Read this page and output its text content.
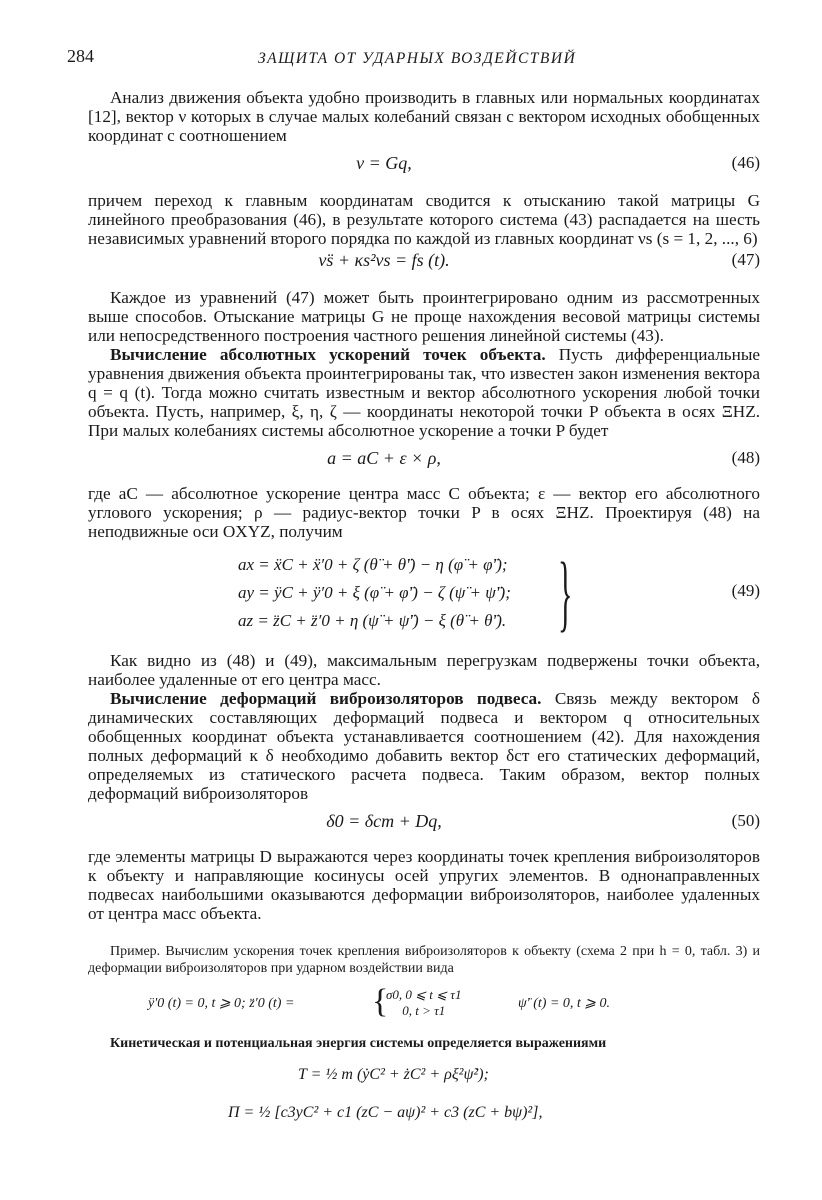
284	ЗАЩИТА ОТ УДАРНЫХ ВОЗДЕЙСТВИЙ

Анализ движения объекта удобно производить в главных или нормальных координатах [12], вектор ν которых в случае малых колебаний связан с вектором исходных обобщенных координат с соотношением

ν = Gq,	(46)

причем переход к главным координатам сводится к отысканию такой матрицы G линейного преобразования (46), в результате которого система (43) распадается на шесть независимых уравнений второго порядка по каждой из главных координат νs (s = 1, 2, ..., 6)

ν̈s + κs²νs = fs (t).	(47)

Каждое из уравнений (47) может быть проинтегрировано одним из рассмотренных выше способов. Отыскание матрицы G не проще нахождения весовой матрицы системы или непосредственного построения частного решения линейной системы (43).

Вычисление абсолютных ускорений точек объекта. Пусть дифференциальные уравнения движения объекта проинтегрированы так, что известен закон изменения вектора q = q (t). Тогда можно считать известным и вектор абсолютного ускорения любой точки объекта. Пусть, например, ξ, η, ζ — координаты некоторой точки P объекта в осях ΞHZ. При малых колебаниях системы абсолютное ускорение a точки P будет

a = aC + ε × ρ,	(48)

где aC — абсолютное ускорение центра масс C объекта; ε — вектор его абсолютного углового ускорения; ρ — радиус-вектор точки P в осях ΞHZ. Проектируя (48) на неподвижные оси OXYZ, получим

ax = ẍC + ẍ′0 + ζ (θ̈ + θ̈′) − η (φ̈ + φ̈′);
ay = ÿC + ÿ′0 + ξ (φ̈ + φ̈′) − ζ (ψ̈ + ψ̈′);
az = z̈C + z̈′0 + η (ψ̈ + ψ̈′) − ξ (θ̈ + θ̈′). }	(49)

Как видно из (48) и (49), максимальным перегрузкам подвержены точки объекта, наиболее удаленные от его центра масс.

Вычисление деформаций виброизоляторов подвеса. Связь между вектором δ динамических составляющих деформаций подвеса и вектором q относительных обобщенных координат объекта устанавливается соотношением (42). Для нахождения полных деформаций к δ необходимо добавить вектор δст его статических деформаций, определяемых из статического расчета подвеса. Таким образом, вектор полных деформаций виброизоляторов

δ0 = δст + Dq,	(50)

где элементы матрицы D выражаются через координаты точек крепления виброизоляторов к объекту и направляющие косинусы осей упругих элементов. В однонаправленных подвесах наибольшими оказываются деформации виброизоляторов, наиболее удаленных от центра масс объекта.

Пример. Вычислим ускорения точек крепления виброизоляторов к объекту (схема 2 при h = 0, табл. 3) и деформации виброизоляторов при ударном воздействии вида

ÿ′0 (t) = 0, t ⩾ 0; z̈′0 (t) = {
σ0, 0 ⩽ t ⩽ τ1
0, t > τ1	ψ̈′ (t) = 0, t ⩾ 0.

Кинетическая и потенциальная энергия системы определяется выражениями

T = ½ m (ẏC² + żC² + ρξ²ψ̇²);
Π = ½ [c3yC² + c1 (zC − aψ)² + c3 (zC + bψ)²],
